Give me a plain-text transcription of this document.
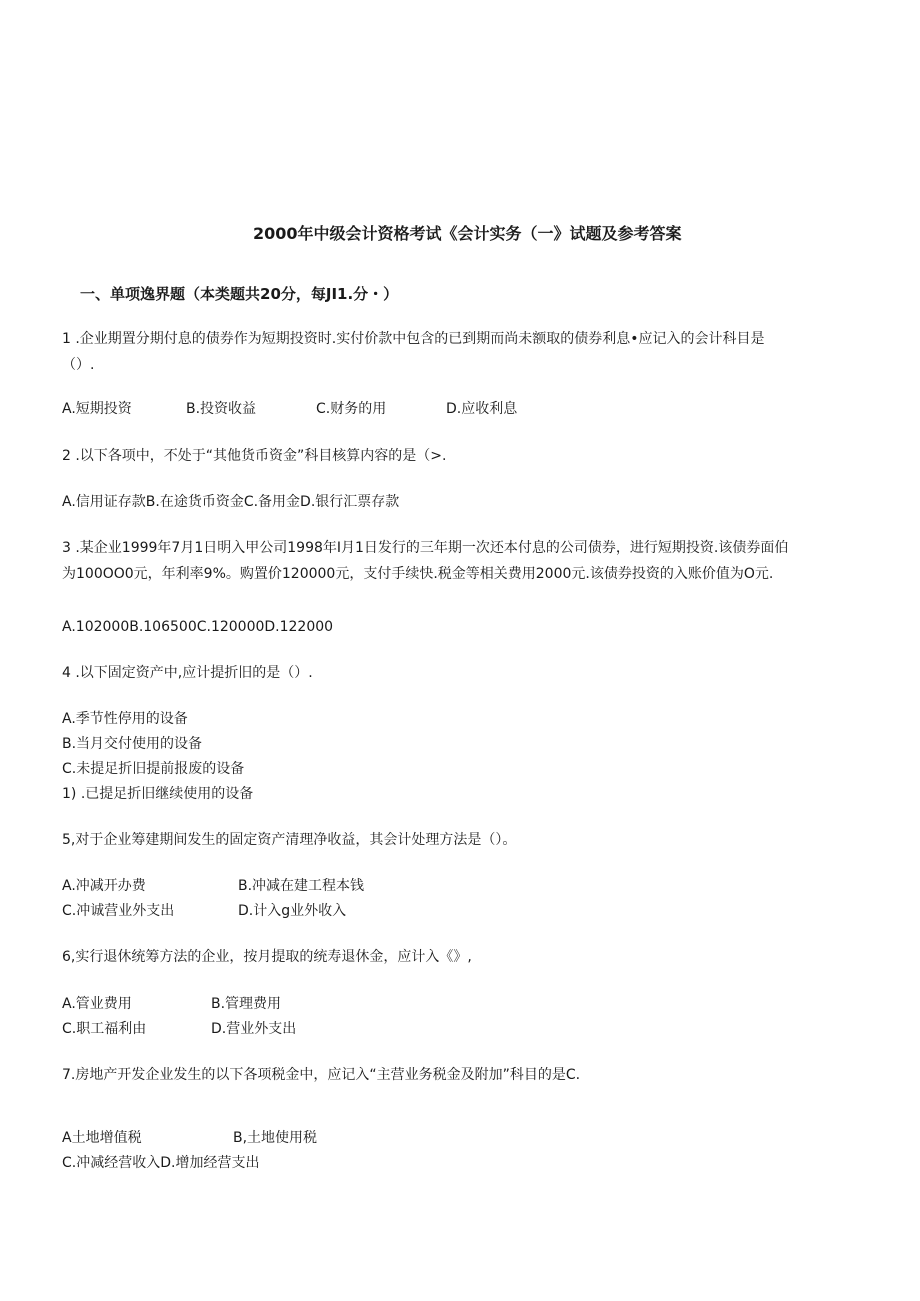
2000年中级会计资格考试《会计实务（一》试题及参考答案
一、单项逸界题（本类题共20分，每JI1.分・）

1 .企业期置分期付息的债券作为短期投资时.实付价款中包含的已到期而尚未额取的债券利息•应记入的会计科目是

（）.

A.短期投资	B.投资收益	C.财务的用	D.应收利息

2 .以下各项中，不处于“其他货币资金”科目核算内容的是（>.

A.信用证存款B.在途货币资金C.备用金D.银行汇票存款

3 .某企业1999年7月1日明入甲公司1998年I月1日发行的三年期一次还本付息的公司债券，进行短期投资.该债券面伯

为100OO0元，年利率9%。购置价120000元，支付手续快.税金等相关费用2000元.该债券投资的入账价值为O元.

A.102000B.106500C.120000D.122000

4 .以下固定资产中,应计提折旧的是（）.

A.季节性停用的设备

B.当月交付使用的设备

C.未提足折旧提前报废的设备

1) .已提足折旧继续使用的设备

5,对于企业筹建期间发生的固定资产清理净收益，其会计处理方法是（）。

A.冲减开办费	B.冲减在建工程本钱
C.冲诚营业外支出	D.计入g业外收入

6,实行退休统筹方法的企业，按月提取的统寿退休金，应计入《》,

A.管业费用	B.管理费用
C.职工福利由	D.营业外支出

7.房地产开发企业发生的以下各项税金中，应记入“主营业务税金及附加”科目的是C.

A土地增值税	B,土地使用税

C.冲减经营收入D.增加经营支出
